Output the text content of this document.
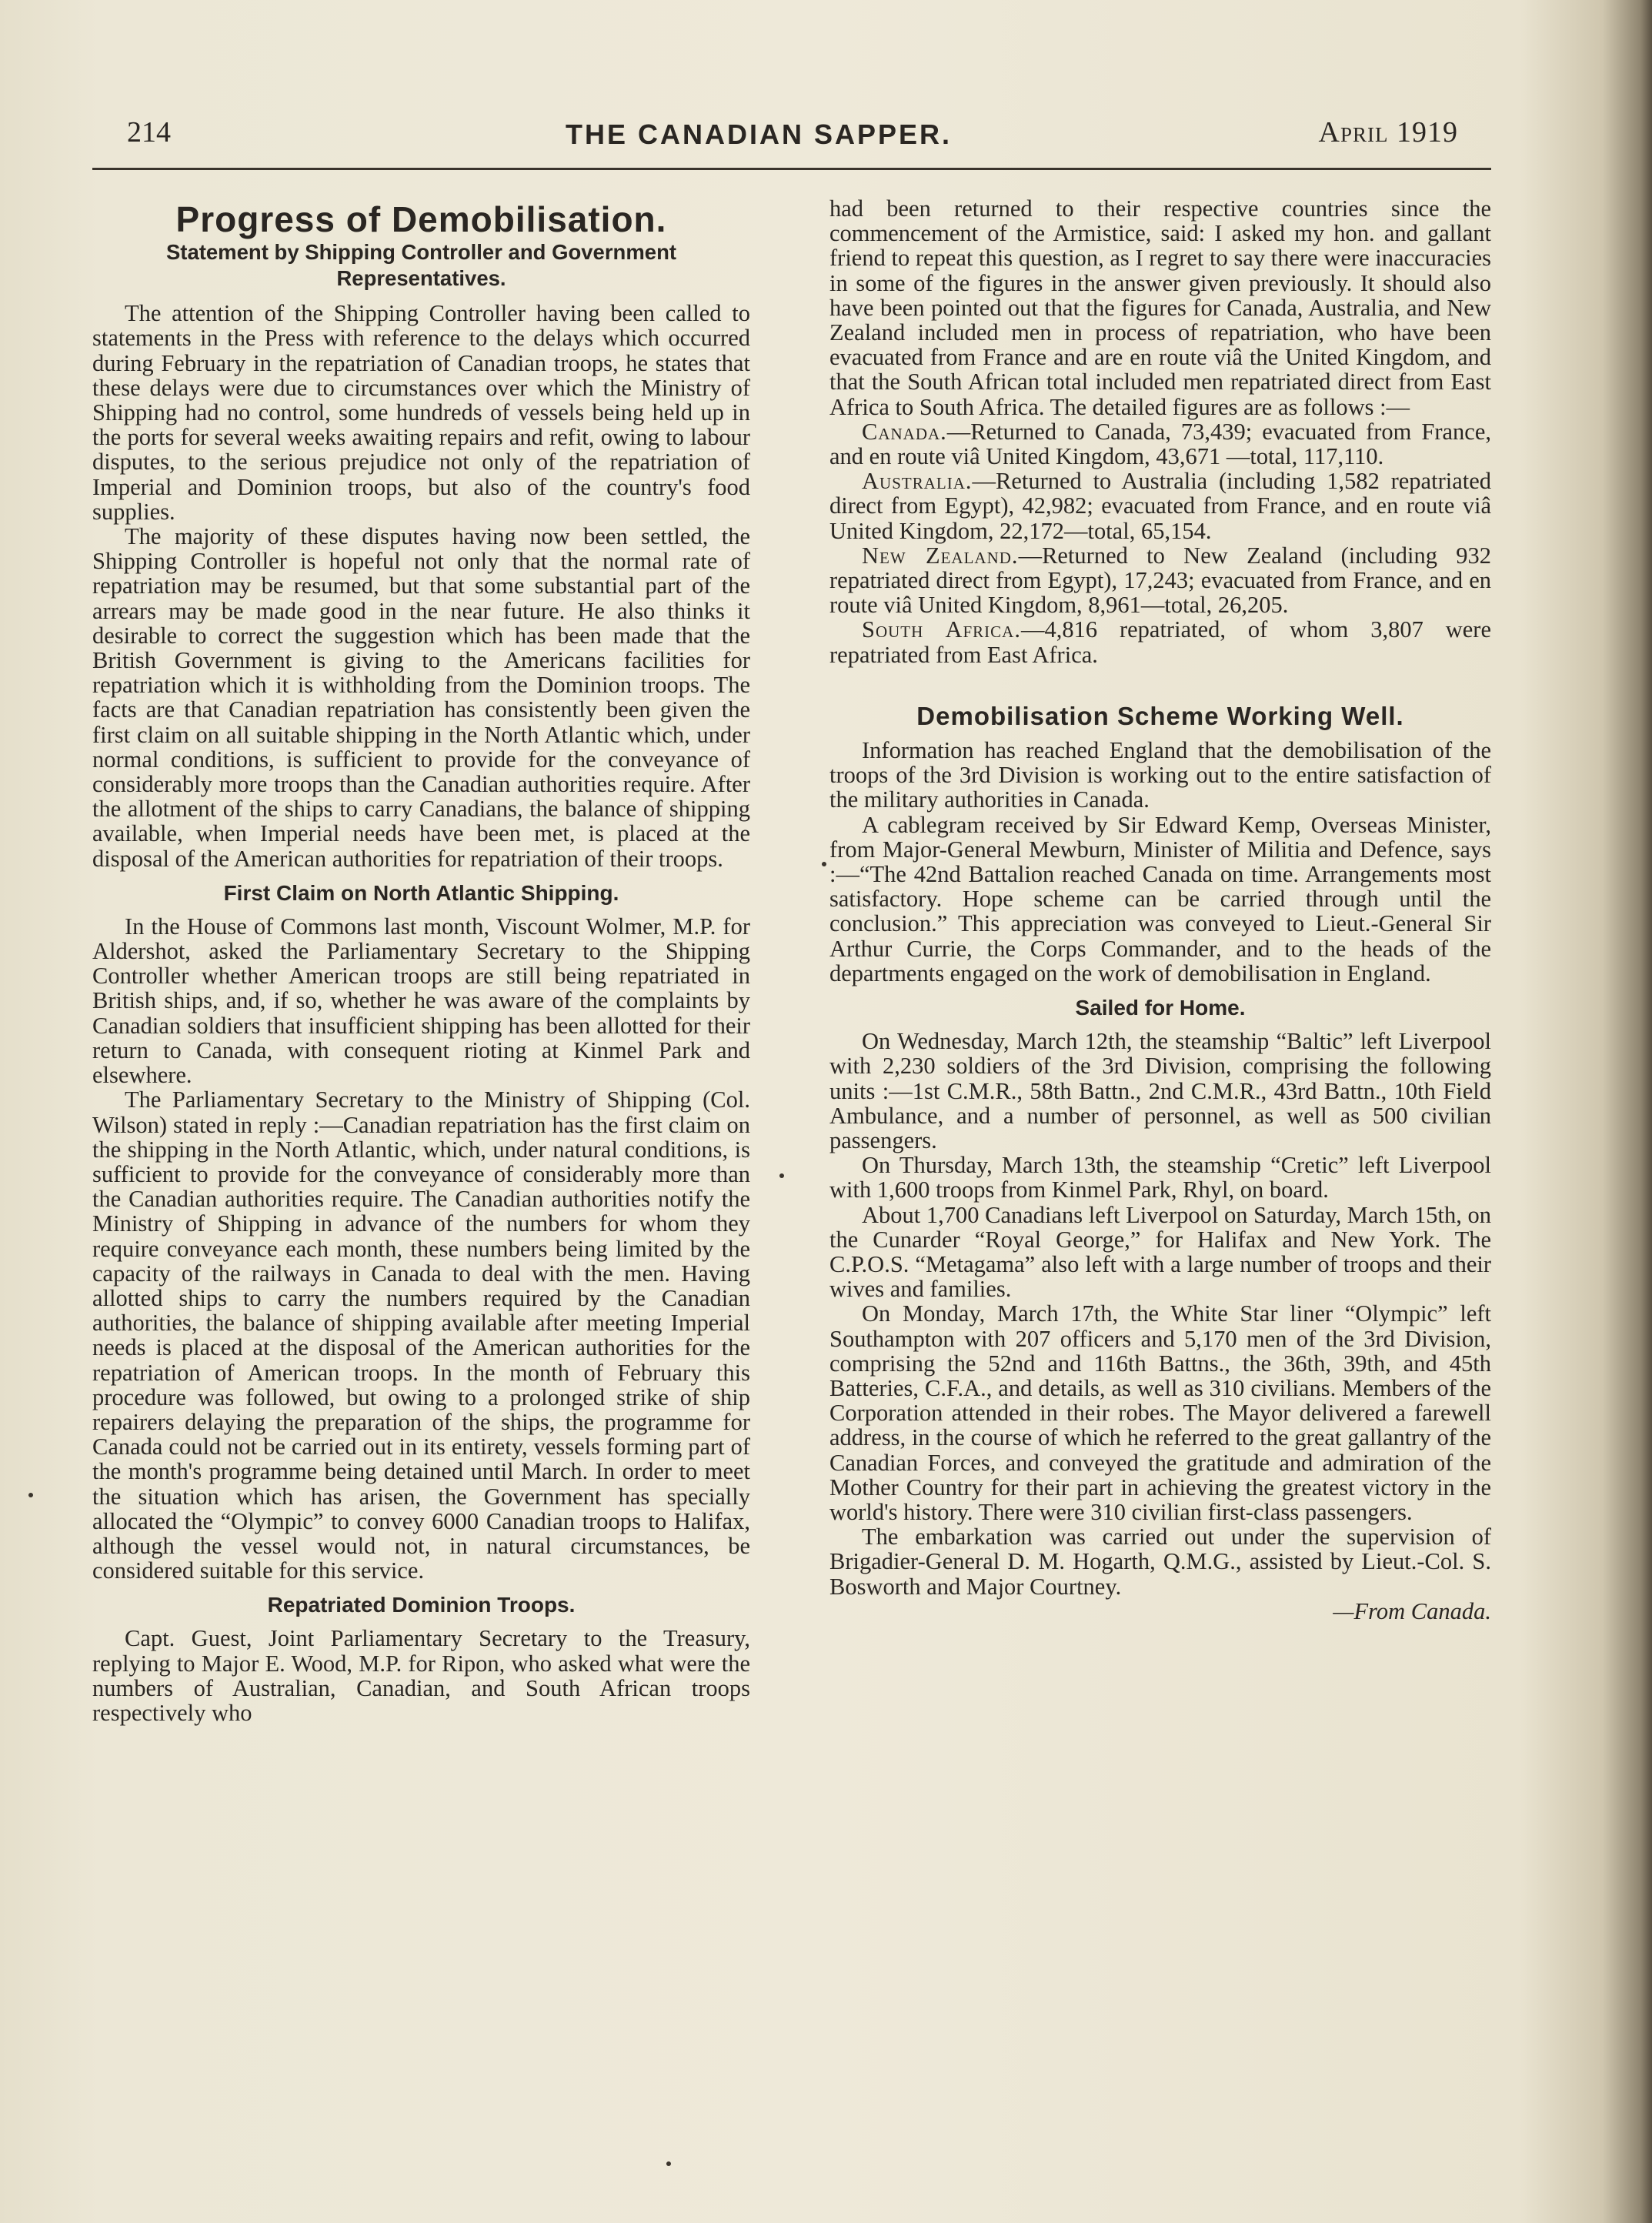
214	THE CANADIAN SAPPER.	April 1919
Progress of Demobilisation.
Statement by Shipping Controller and Government Representatives.

The attention of the Shipping Controller having been called to statements in the Press with reference to the delays which occurred during February in the repatriation of Canadian troops, he states that these delays were due to circumstances over which the Ministry of Shipping had no control, some hundreds of vessels being held up in the ports for several weeks awaiting repairs and refit, owing to labour disputes, to the serious prejudice not only of the repatriation of Imperial and Dominion troops, but also of the country's food supplies.

The majority of these disputes having now been settled, the Shipping Controller is hopeful not only that the normal rate of repatriation may be resumed, but that some substantial part of the arrears may be made good in the near future. He also thinks it desirable to correct the suggestion which has been made that the British Government is giving to the Americans facilities for repatriation which it is withholding from the Dominion troops. The facts are that Canadian repatriation has consistently been given the first claim on all suitable shipping in the North Atlantic which, under normal conditions, is sufficient to provide for the conveyance of considerably more troops than the Canadian authorities require. After the allotment of the ships to carry Canadians, the balance of shipping available, when Imperial needs have been met, is placed at the disposal of the American authorities for repatriation of their troops.

First Claim on North Atlantic Shipping.

In the House of Commons last month, Viscount Wolmer, M.P. for Aldershot, asked the Parliamentary Secretary to the Shipping Controller whether American troops are still being repatriated in British ships, and, if so, whether he was aware of the complaints by Canadian soldiers that insufficient shipping has been allotted for their return to Canada, with consequent rioting at Kinmel Park and elsewhere.

The Parliamentary Secretary to the Ministry of Shipping (Col. Wilson) stated in reply :—Canadian repatriation has the first claim on the shipping in the North Atlantic, which, under natural conditions, is sufficient to provide for the conveyance of considerably more than the Canadian authorities require. The Canadian authorities notify the Ministry of Shipping in advance of the numbers for whom they require conveyance each month, these numbers being limited by the capacity of the railways in Canada to deal with the men. Having allotted ships to carry the numbers required by the Canadian authorities, the balance of shipping available after meeting Imperial needs is placed at the disposal of the American authorities for the repatriation of American troops. In the month of February this procedure was followed, but owing to a prolonged strike of ship repairers delaying the preparation of the ships, the programme for Canada could not be carried out in its entirety, vessels forming part of the month's programme being detained until March. In order to meet the situation which has arisen, the Government has specially allocated the “Olympic” to convey 6000 Canadian troops to Halifax, although the vessel would not, in natural circumstances, be considered suitable for this service.

Repatriated Dominion Troops.

Capt. Guest, Joint Parliamentary Secretary to the Treasury, replying to Major E. Wood, M.P. for Ripon, who asked what were the numbers of Australian, Canadian, and South African troops respectively who

had been returned to their respective countries since the commencement of the Armistice, said: I asked my hon. and gallant friend to repeat this question, as I regret to say there were inaccuracies in some of the figures in the answer given previously. It should also have been pointed out that the figures for Canada, Australia, and New Zealand included men in process of repatriation, who have been evacuated from France and are en route viâ the United Kingdom, and that the South African total included men repatriated direct from East Africa to South Africa. The detailed figures are as follows :—

Canada.—Returned to Canada, 73,439; evacuated from France, and en route viâ United Kingdom, 43,671 —total, 117,110.

Australia.—Returned to Australia (including 1,582 repatriated direct from Egypt), 42,982; evacuated from France, and en route viâ United Kingdom, 22,172—total, 65,154.

New Zealand.—Returned to New Zealand (including 932 repatriated direct from Egypt), 17,243; evacuated from France, and en route viâ United Kingdom, 8,961—total, 26,205.

South Africa.—4,816 repatriated, of whom 3,807 were repatriated from East Africa.

Demobilisation Scheme Working Well.

Information has reached England that the demobilisation of the troops of the 3rd Division is working out to the entire satisfaction of the military authorities in Canada.

A cablegram received by Sir Edward Kemp, Overseas Minister, from Major-General Mewburn, Minister of Militia and Defence, says :—“The 42nd Battalion reached Canada on time. Arrangements most satisfactory. Hope scheme can be carried through until the conclusion.” This appreciation was conveyed to Lieut.-General Sir Arthur Currie, the Corps Commander, and to the heads of the departments engaged on the work of demobilisation in England.

Sailed for Home.

On Wednesday, March 12th, the steamship “Baltic” left Liverpool with 2,230 soldiers of the 3rd Division, comprising the following units :—1st C.M.R., 58th Battn., 2nd C.M.R., 43rd Battn., 10th Field Ambulance, and a number of personnel, as well as 500 civilian passengers.

On Thursday, March 13th, the steamship “Cretic” left Liverpool with 1,600 troops from Kinmel Park, Rhyl, on board.

About 1,700 Canadians left Liverpool on Saturday, March 15th, on the Cunarder “Royal George,” for Halifax and New York. The C.P.O.S. “Metagama” also left with a large number of troops and their wives and families.

On Monday, March 17th, the White Star liner “Olympic” left Southampton with 207 officers and 5,170 men of the 3rd Division, comprising the 52nd and 116th Battns., the 36th, 39th, and 45th Batteries, C.F.A., and details, as well as 310 civilians. Members of the Corporation attended in their robes. The Mayor delivered a farewell address, in the course of which he referred to the great gallantry of the Canadian Forces, and conveyed the gratitude and admiration of the Mother Country for their part in achieving the greatest victory in the world's history. There were 310 civilian first-class passengers.

The embarkation was carried out under the supervision of Brigadier-General D. M. Hogarth, Q.M.G., assisted by Lieut.-Col. S. Bosworth and Major Courtney.

—From Canada.
